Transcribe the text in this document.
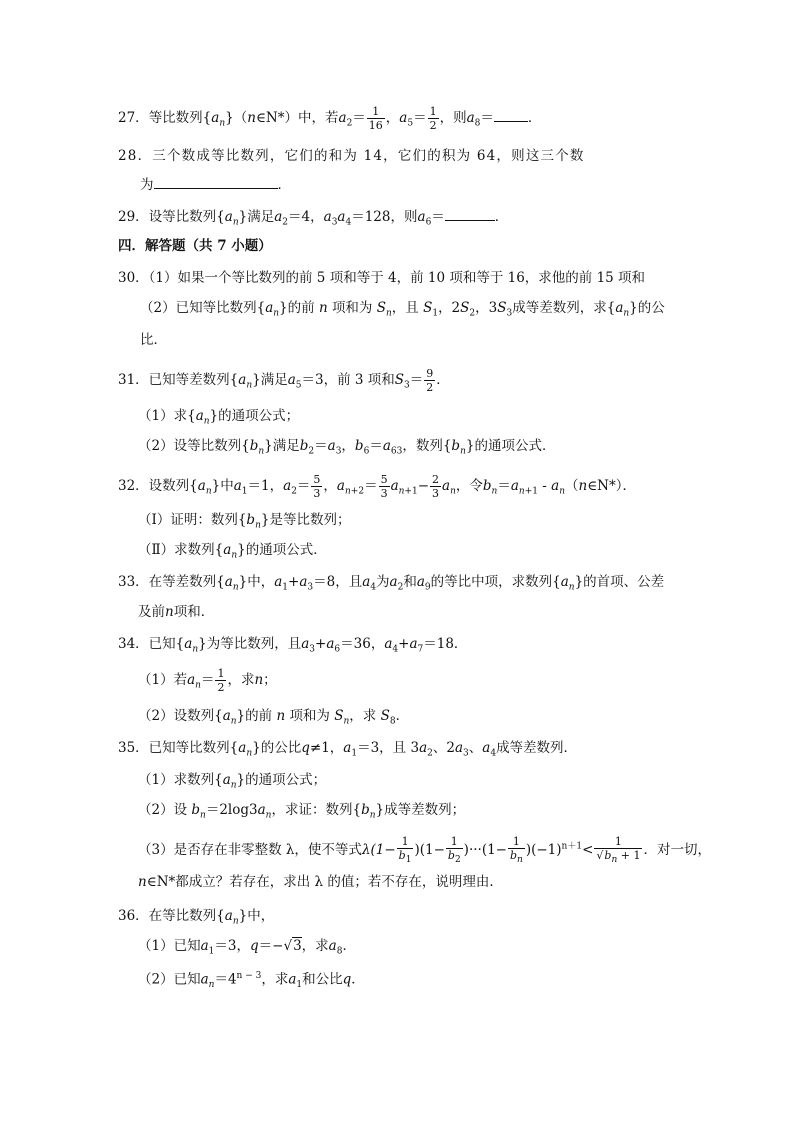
27．等比数列$\{a_n\}(n\in N*)$中，若$a_2= \frac{1}{16}$ ，$a_5= \frac{1}{2}$ ，则$a_8=$	．
28．三个数成等比数列，它们的和为 14，它们的积为 64，则这三个数
为	．
29．设等比数列$\{a_n\}$满足$a_2=4$，$a_3a_4=128$，则$a_6=$	．
四．解答题（共 7 小题）
30．（1）如果一个等比数列的前 5 项和等于 4，前 10 项和等于 16，求他的前 15 项和
（2）已知等比数列$\{a_n\}$的前 n 项和为 $S_n$，且 $S_1$，$2S_2$，$3S_3$成等差数列，求$\{a_n\}$的公
比．
31．已知等差数列$\{a_n\}$满足$a_5=3$，前 3 项和$S_3= \frac{9}{2}$ ．
（1）求$\{a_n\}$的通项公式；
（2）设等比数列$\{b_n\}$满足$b_2=a_3$，$b_6=a_{63}$，数列$\{b_n\}$的通项公式．
32．设数列$\{a_n\}$中$a_1=1$，$a_2= \frac{5}{3}$ ，$a_{n+2}= \frac{5}{3} a_{n+1}- \frac{2}{3} a_n$，令$b_n=a_{n+1}$ - $a_n(n\in N*)$．
（Ⅰ）证明：数列$\{b_n\}$是等比数列；
（Ⅱ）求数列$\{a_n\}$的通项公式．
33．在等差数列$\{a_n\}$中，$a_1+a_3=8$，且$a_4$为$a_2$和$a_9$的等比中项，求数列$\{a_n\}$的首项、公差
及前n项和．
34．已知$\{a_n\}$为等比数列，且$a_3+a_6=36$，$a_4+a_7=18$．
（1）若$a_n= \frac{1}{2}$ ，求n；
（2）设数列$\{a_n\}$的前 n 项和为 $S_n$，求 $S_8$．
35．已知等比数列$\{a_n\}$的公比q≠1，$a_1=3$，且 $3a_2$、$2a_3$、$a_4$成等差数列．
（1）求数列$\{a_n\}$的通项公式；
（2）设 $b_n=2\log 3a_n$，求证：数列$\{b_n\}$成等差数列；
（3）是否存在非零整数 λ，使不等式$\lambda(1- \frac{1}{b_1} )(1- \frac{1}{b_2} )\cdot\cdot\cdot(1- \frac{1}{b_n} )(-1)^{n+1}< \frac{1}{√b_n + 1}$ ．对一切，
n∈N*都成立？若存在，求出 λ 的值；若不存在，说明理由．
36．在等比数列$\{a_n\}$中，
（1）已知$a_1=3$，q＝−√3，求$a_8$．
（2）已知$a_n=4^{n - 3}$，求$a_1$和公比q．
